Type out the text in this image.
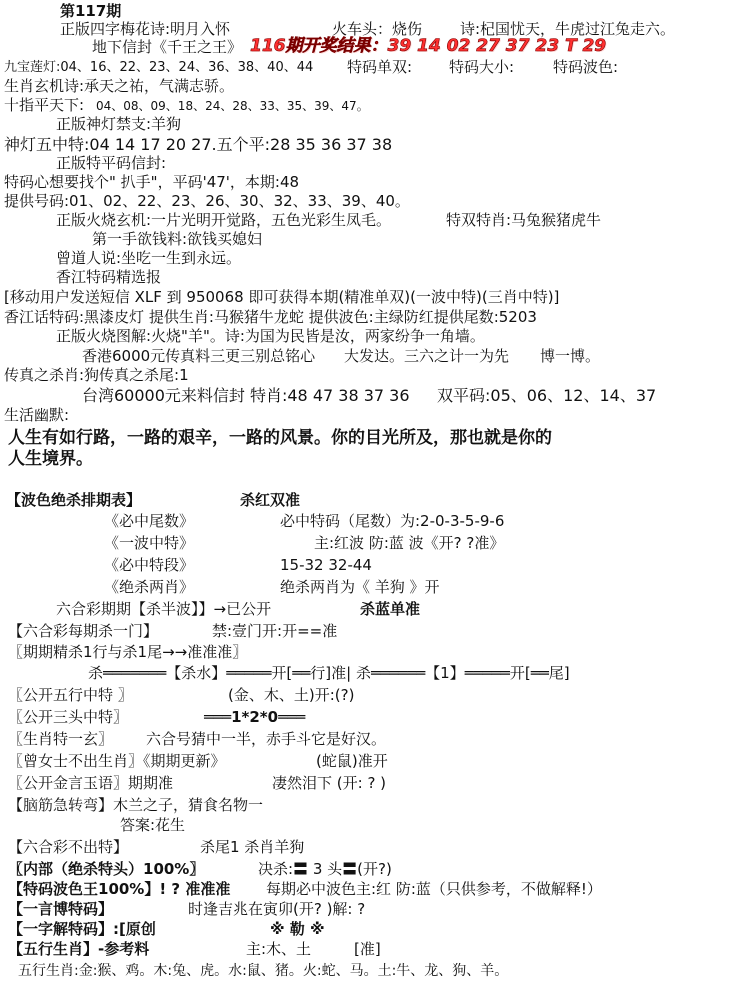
第117期
正版四字梅花诗:明月入怀	火车头：烧伤	诗:杞国忧天，牛虎过江兔走六。
地下信封《千王之王》 116期开奖结果：39 14 02 27 37 23 T 29
九宝莲灯:04、16、22、23、24、36、38、40、44 特码单双: 特码大小:	特码波色:
生肖玄机诗:承天之祐，气满志骄。
十指平天下: 04、08、09、18、24、28、33、35、39、47。
正版神灯禁支:羊狗
神灯五中特:04 14 17 20 27.五个平:28 35 36 37 38
正版特平码信封:
特码心想要找个" 扒手"，平码'47'，本期:48
提供号码:01、02、22、23、26、30、32、33、39、40。
正版火烧玄机:一片光明开觉路，五色光彩生凤毛。	特双特肖:马兔猴猪虎牛
第一手欲钱料:欲钱买媳妇
曾道人说:坐吃一生到永远。
香江特码精选报
[移动用户发送短信 XLF 到 950068 即可获得本期(精准单双)(一波中特)(三肖中特)]
香江话特码:黑漆皮灯 提供生肖:马猴猪牛龙蛇 提供波色:主绿防红提供尾数:5203
正版火烧图解:火烧"羊"。诗:为国为民皆是汝，两家纷争一角墙。
香港6000元传真料三更三别总铭心 大发达。三六之计一为先 博一博。
传真之杀肖:狗传真之杀尾:1
台湾60000元来料信封 特肖:48 47 38 37 36 双平码:05、06、12、14、37
生活幽默:
人生有如行路，一路的艰辛，一路的风景。你的目光所及，那也就是你的
人生境界。
【波色绝杀排期表】	杀红双准
《必中尾数》	必中特码（尾数）为:2-0-3-5-9-6
《一波中特》	主:红波 防:蓝 波《开? ?准》
《必中特段》	15-32 32-44
《绝杀两肖》	绝杀两肖为《 羊狗 》开
六合彩期期【杀半波】】→已公开	杀蓝单准
【六合彩每期杀一门】	禁:壹门开:开==准
〖期期精杀1行与杀1尾→→准准准〗
杀═══════【杀水】═════开[══行]准| 杀══════【1】═════开[══尾]
〖公开五行中特 〗	(金、木、土)开:(?)
〖公开三头中特〗	═══1*2*0═══
〖生肖特一玄〗 六合号猜中一半，赤手斗它是好汉。
〖曾女士不出生肖〗《期期更新》	(蛇鼠)准开
〖公开金言玉语〗期期准	凄然泪下 (开: ? )
【脑筋急转弯】木兰之子，猜食名物一
答案:花生
【六合彩不出特】	杀尾1 杀肖羊狗
〖内部（绝杀特头）100%〗	决杀:〓 3 头〓(开?)
【特码波色王100%】! ? 准准准 每期必中波色主:红 防:蓝（只供参考，不做解释!）
【一言博特码】	时逢吉兆在寅卯(开? )解: ?
【一字解特码】:[原创	※ 勒 ※
【五行生肖】-参考料	主:木、土	[准]
五行生肖:金:猴、鸡。木:兔、虎。水:鼠、猪。火:蛇、马。土:牛、龙、狗、羊。
